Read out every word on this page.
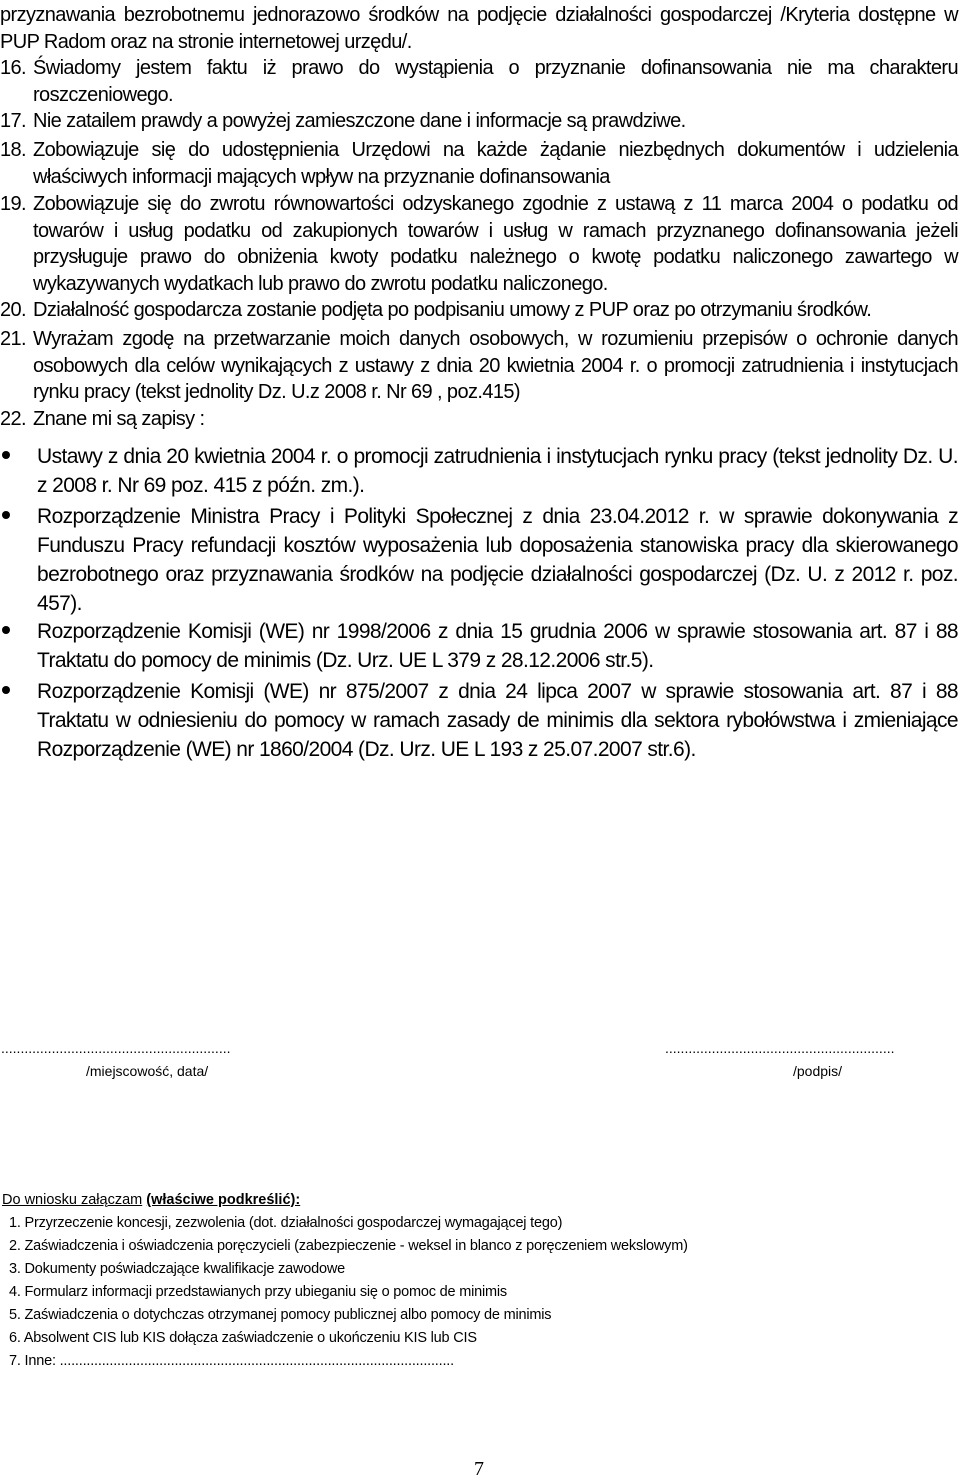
przyznawania bezrobotnemu jednorazowo środków na podjęcie działalności gospodarczej /Kryteria dostępne w PUP Radom oraz na stronie internetowej urzędu/.

16. Świadomy jestem faktu iż prawo do wystąpienia o przyznanie dofinansowania nie ma charakteru roszczeniowego.
17. Nie zatailem prawdy a powyżej zamieszczone dane i informacje są prawdziwe.
18. Zobowiązuje się do udostępnienia Urzędowi na każde żądanie niezbędnych dokumentów i udzielenia właściwych informacji mających wpływ na przyznanie dofinansowania
19. Zobowiązuje się do zwrotu równowartości odzyskanego zgodnie z ustawą z 11 marca 2004 o podatku od towarów i usług podatku od zakupionych towarów i usług w ramach przyznanego dofinansowania jeżeli przysługuje prawo do obniżenia kwoty podatku należnego o kwotę podatku naliczonego zawartego w wykazywanych wydatkach lub prawo do zwrotu podatku naliczonego.
20. Działalność gospodarcza zostanie podjęta po podpisaniu umowy z PUP oraz po otrzymaniu środków.
21. Wyrażam zgodę na przetwarzanie moich danych osobowych, w rozumieniu przepisów o ochronie danych osobowych dla celów wynikających z ustawy z dnia 20 kwietnia 2004 r. o promocji zatrudnienia i instytucjach rynku pracy (tekst jednolity Dz. U.z 2008 r. Nr 69 , poz.415)
22. Znane mi są zapisy :
Ustawy z dnia 20 kwietnia 2004 r. o promocji zatrudnienia i instytucjach rynku pracy (tekst jednolity Dz. U. z 2008 r. Nr 69 poz. 415 z późn. zm.).
Rozporządzenie Ministra Pracy i Polityki Społecznej z dnia 23.04.2012 r. w sprawie dokonywania z Funduszu Pracy refundacji kosztów wyposażenia lub doposażenia stanowiska pracy dla skierowanego bezrobotnego oraz przyznawania środków na podjęcie działalności gospodarczej (Dz. U. z 2012 r. poz. 457).
Rozporządzenie Komisji (WE) nr 1998/2006 z dnia 15 grudnia 2006 w sprawie stosowania art. 87 i 88 Traktatu do pomocy de minimis (Dz. Urz. UE L 379 z 28.12.2006 str.5).
Rozporządzenie Komisji (WE) nr 875/2007 z dnia 24 lipca 2007 w sprawie stosowania art. 87 i 88 Traktatu w odniesieniu do pomocy w ramach zasady de minimis dla sektora rybołówstwa i zmieniające Rozporządzenie (WE) nr 1860/2004 (Dz. Urz. UE L 193 z 25.07.2007 str.6).
...........................................................
/miejscowość, data/
...........................................................
/podpis/
Do wniosku załączam (właściwe podkreślić):
1. Przyrzeczenie koncesji, zezwolenia (dot. działalności gospodarczej wymagającej tego)
2. Zaświadczenia i oświadczenia poręczycieli (zabezpieczenie - weksel in blanco z poręczeniem wekslowym)
3. Dokumenty poświadczające kwalifikacje zawodowe
4. Formularz informacji przedstawianych przy ubieganiu się o pomoc de minimis
5. Zaświadczenia o dotychczas otrzymanej pomocy publicznej albo pomocy de minimis
6. Absolwent CIS lub KIS dołącza zaświadczenie o ukończeniu KIS lub CIS
7. Inne: .......................................................................................................
7
